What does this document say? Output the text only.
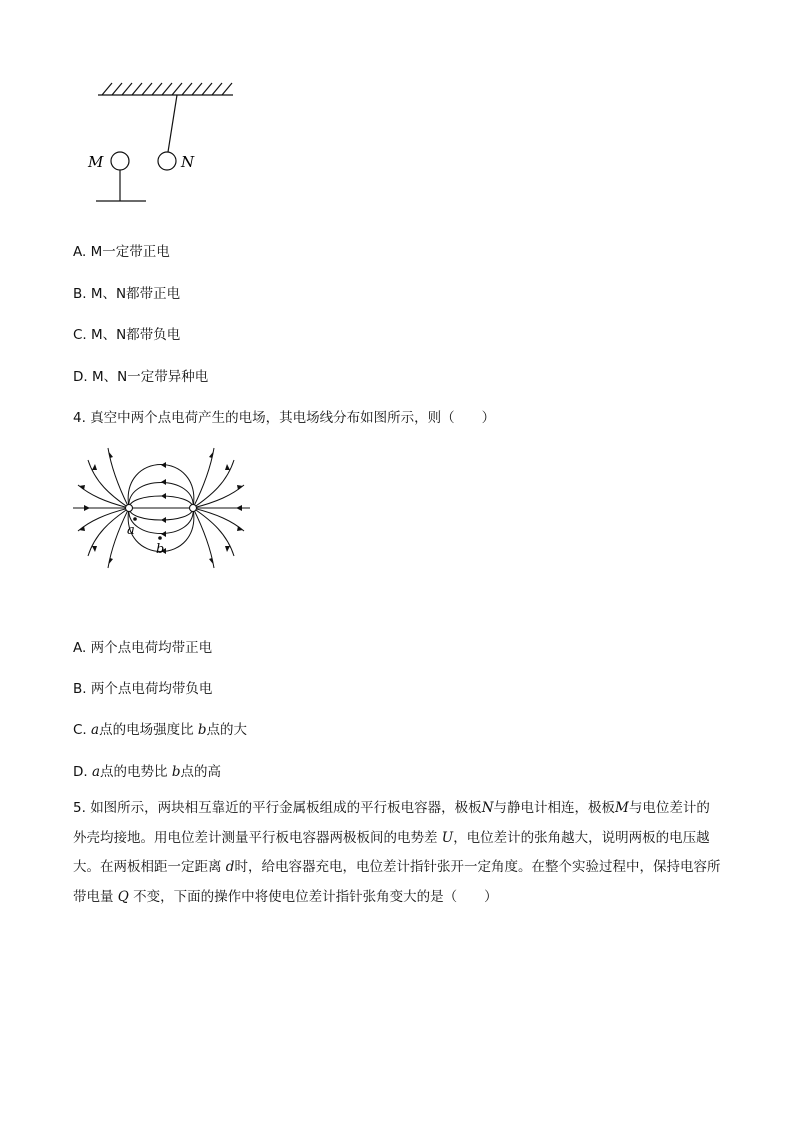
M	N
A. M一定带正电
B. M、N都带正电
C. M、N都带负电
D. M、N一定带异种电
4. 真空中两个点电荷产生的电场，其电场线分布如图所示，则（　　）
a
b
A. 两个点电荷均带正电
B. 两个点电荷均带负电
C. a点的电场强度比 b点的大
D. a点的电势比 b点的高
5. 如图所示，两块相互靠近的平行金属板组成的平行板电容器，极板N与静电计相连，极板M与电位差计的外壳均接地。用电位差计测量平行板电容器两极板间的电势差 U，电位差计的张角越大，说明两板的电压越大。在两板相距一定距离 d时，给电容器充电，电位差计指针张开一定角度。在整个实验过程中，保持电容所带电量 Q 不变，下面的操作中将使电位差计指针张角变大的是（　　）
